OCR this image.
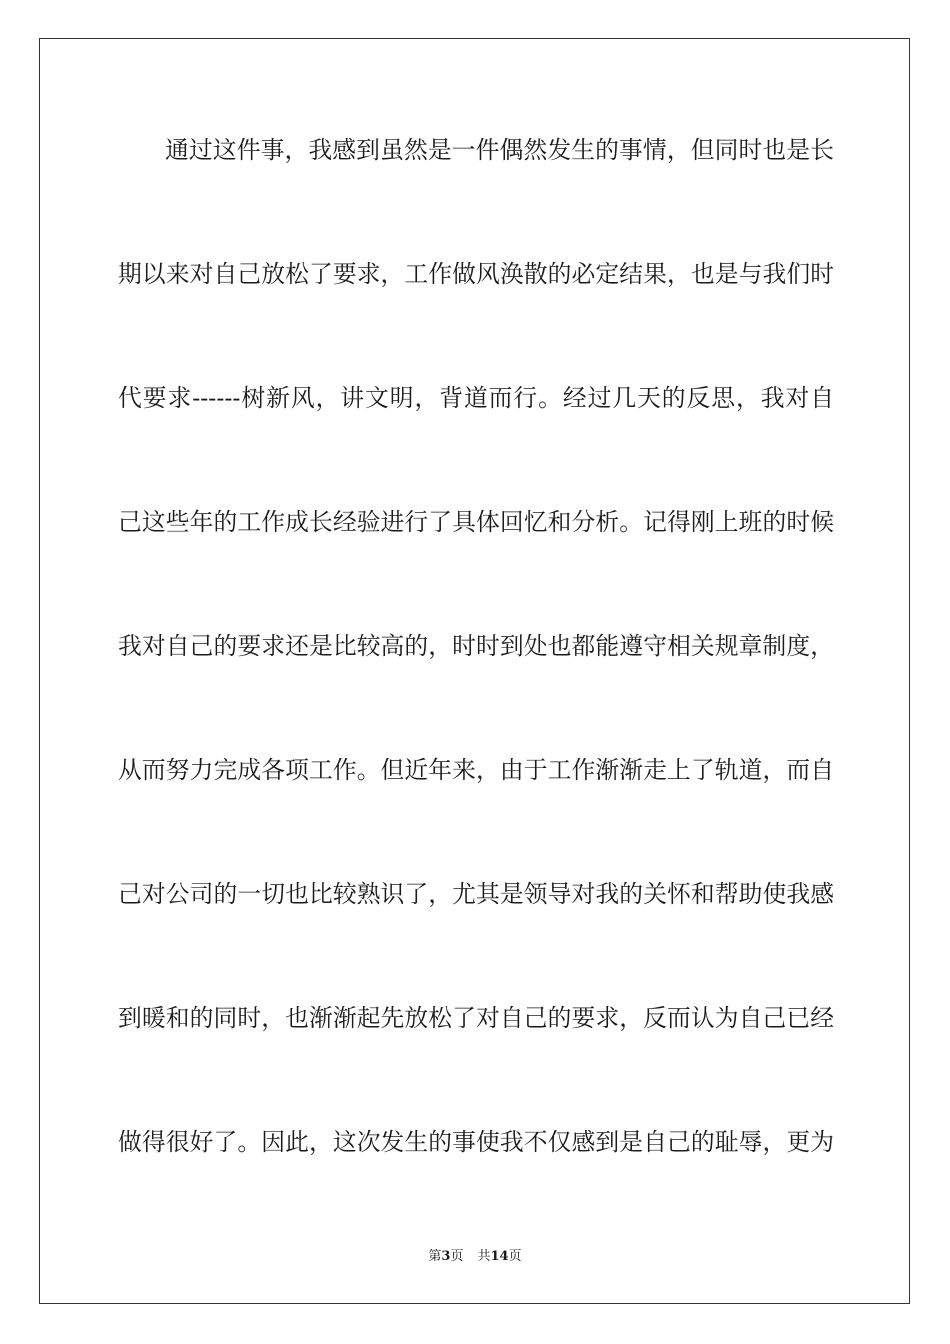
通过这件事，我感到虽然是一件偶然发生的事情，但同时也是长
期以来对自己放松了要求，工作做风涣散的必定结果，也是与我们时
代要求------树新风，讲文明，背道而行。经过几天的反思，我对自
己这些年的工作成长经验进行了具体回忆和分析。记得刚上班的时候
我对自己的要求还是比较高的，时时到处也都能遵守相关规章制度，
从而努力完成各项工作。但近年来，由于工作渐渐走上了轨道，而自
己对公司的一切也比较熟识了，尤其是领导对我的关怀和帮助使我感
到暖和的同时，也渐渐起先放松了对自己的要求，反而认为自己已经
做得很好了。因此，这次发生的事使我不仅感到是自己的耻辱，更为
第3页 共14页
